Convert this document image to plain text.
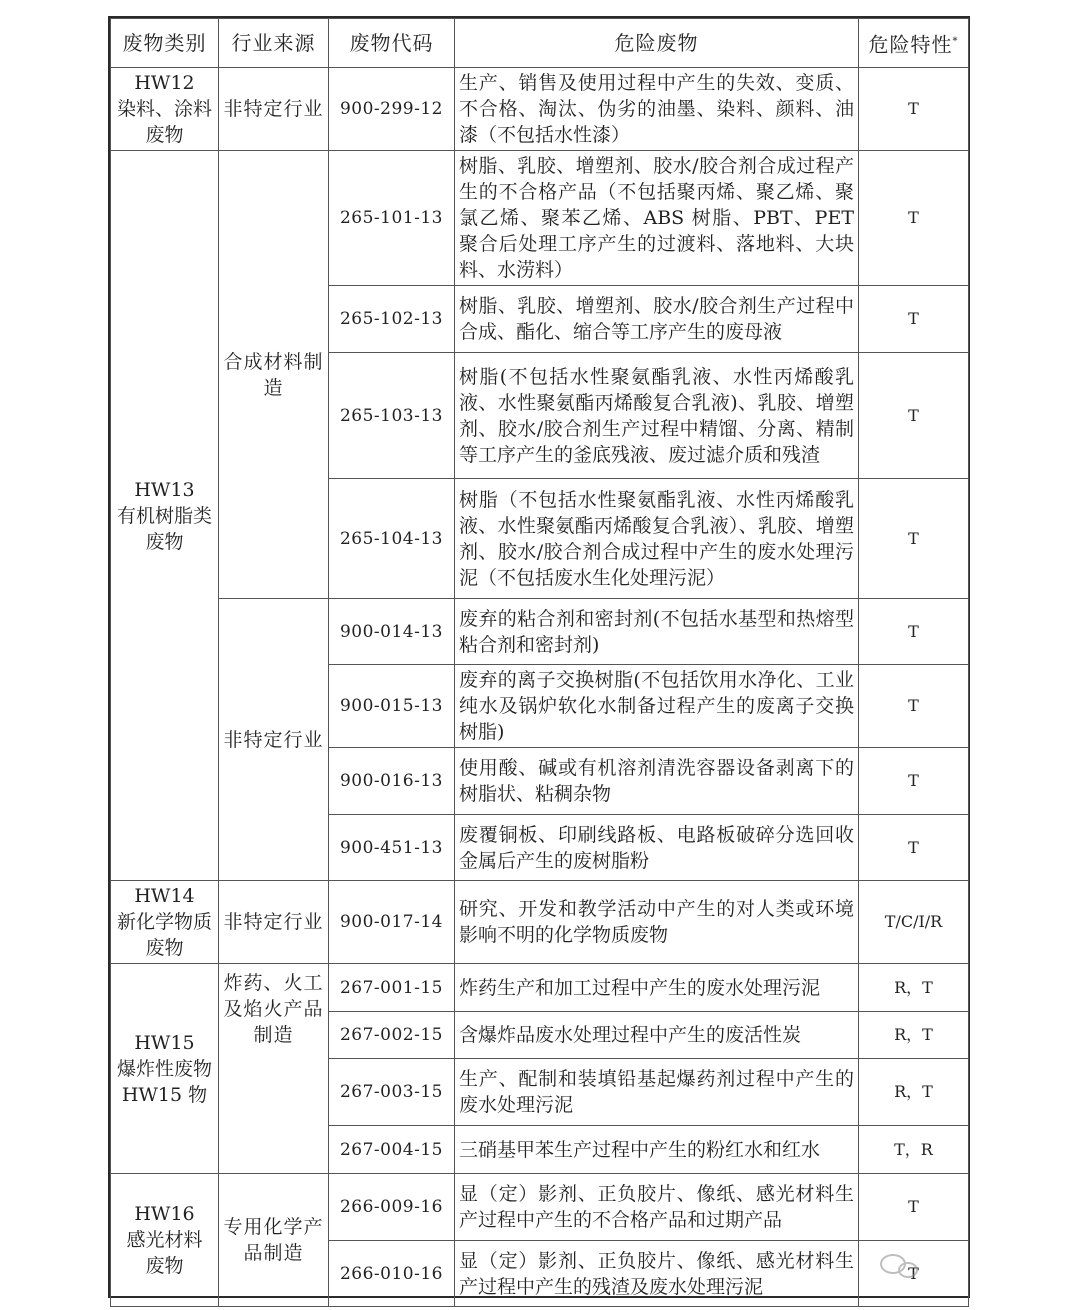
废物类别	行业来源	废物代码	危险废物	危险特性*

HW12
染料、涂料
废物	非特定行业	900-299-12	生产、销售及使用过程中产生的失效、变质、不合格、淘汰、伪劣的油墨、染料、颜料、油漆（不包括水性漆）	T

HW13
有机树脂类
废物	合成材料制造	265-101-13	树脂、乳胶、增塑剂、胶水/胶合剂合成过程产生的不合格产品（不包括聚丙烯、聚乙烯、聚氯乙烯、聚苯乙烯、ABS 树脂、PBT、PET 聚合后处理工序产生的过渡料、落地料、大块料、水涝料）	T
		265-102-13	树脂、乳胶、增塑剂、胶水/胶合剂生产过程中合成、酯化、缩合等工序产生的废母液	T
		265-103-13	树脂(不包括水性聚氨酯乳液、水性丙烯酸乳液、水性聚氨酯丙烯酸复合乳液)、乳胶、增塑剂、胶水/胶合剂生产过程中精馏、分离、精制等工序产生的釜底残液、废过滤介质和残渣	T
		265-104-13	树脂（不包括水性聚氨酯乳液、水性丙烯酸乳液、水性聚氨酯丙烯酸复合乳液）、乳胶、增塑剂、胶水/胶合剂合成过程中产生的废水处理污泥（不包括废水生化处理污泥）	T
	非特定行业	900-014-13	废弃的粘合剂和密封剂(不包括水基型和热熔型粘合剂和密封剂)	T
		900-015-13	废弃的离子交换树脂(不包括饮用水净化、工业纯水及锅炉软化水制备过程产生的废离子交换树脂)	T
		900-016-13	使用酸、碱或有机溶剂清洗容器设备剥离下的树脂状、粘稠杂物	T
		900-451-13	废覆铜板、印刷线路板、电路板破碎分选回收金属后产生的废树脂粉	T

HW14
新化学物质
废物	非特定行业	900-017-14	研究、开发和教学活动中产生的对人类或环境影响不明的化学物质废物	T/C/I/R

HW15
爆炸性废物
HW15 物	炸药、火工及焰火产品制造	267-001-15	炸药生产和加工过程中产生的废水处理污泥	R，T
		267-002-15	含爆炸品废水处理过程中产生的废活性炭	R，T
		267-003-15	生产、配制和装填铅基起爆药剂过程中产生的废水处理污泥	R，T
		267-004-15	三硝基甲苯生产过程中产生的粉红水和红水	T，R

HW16
感光材料
废物	专用化学产品制造	266-009-16	显（定）影剂、正负胶片、像纸、感光材料生产过程中产生的不合格产品和过期产品	T
		266-010-16	显（定）影剂、正负胶片、像纸、感光材料生产过程中产生的残渣及废水处理污泥	T
